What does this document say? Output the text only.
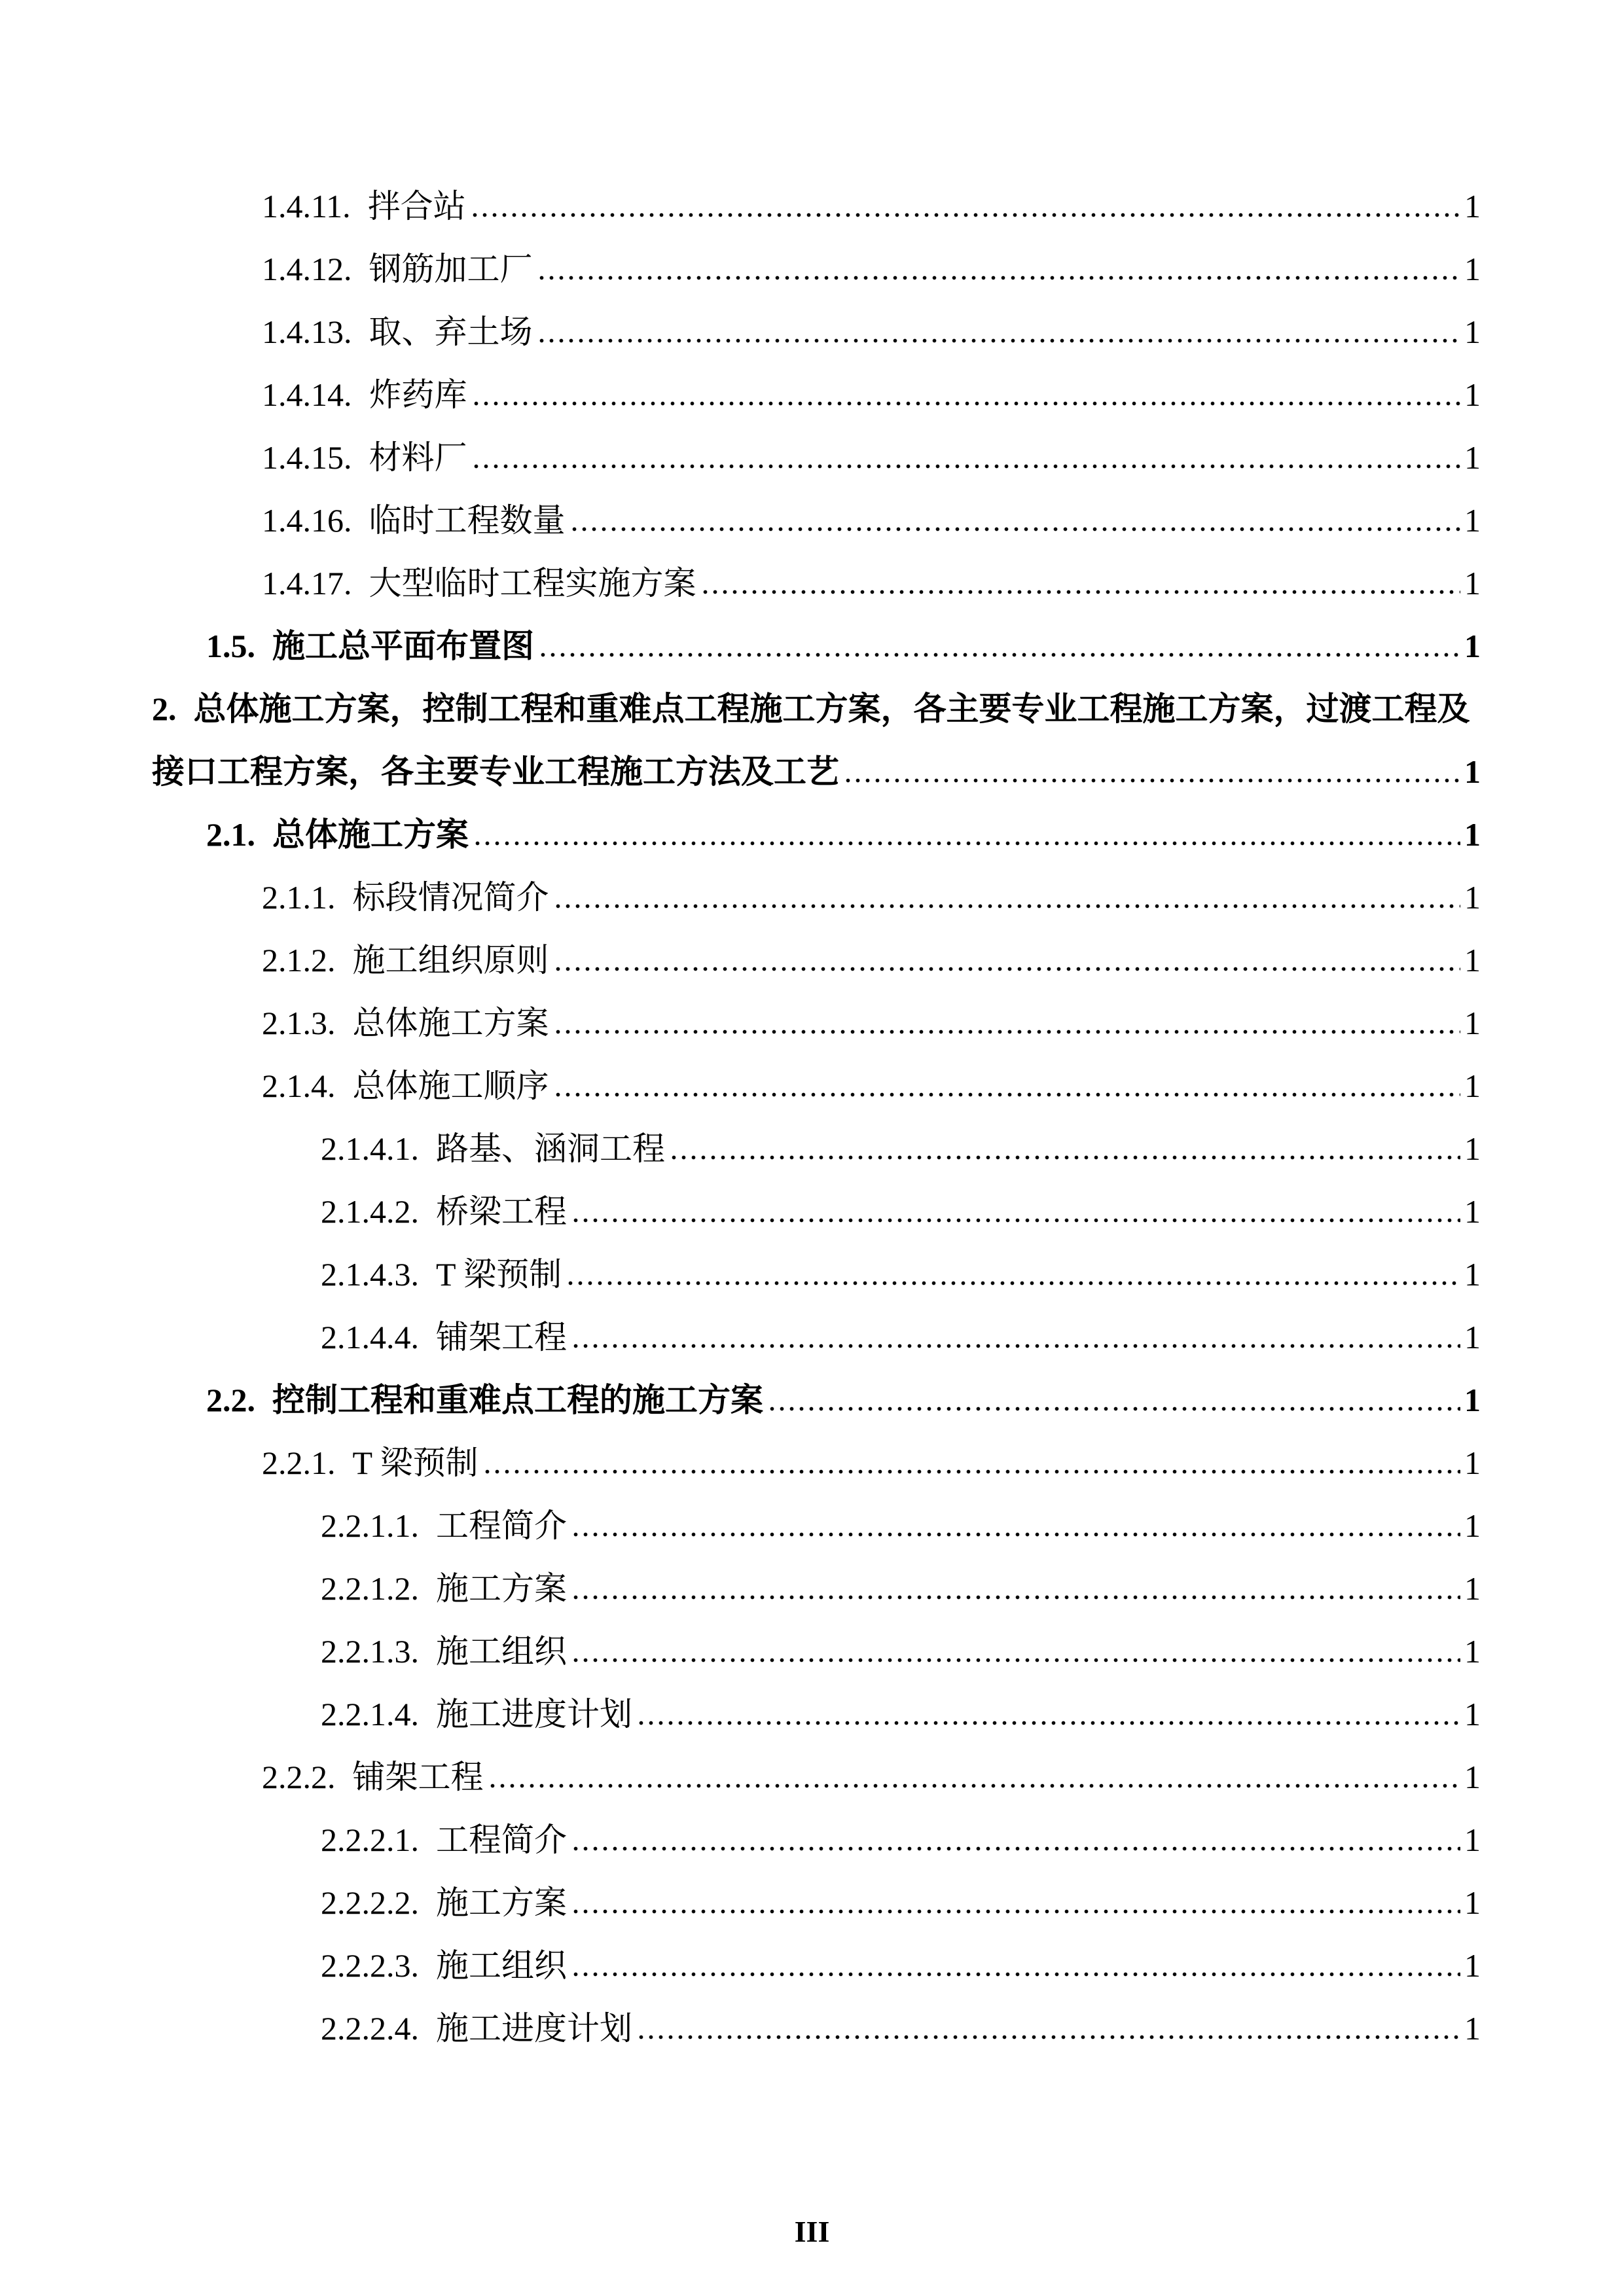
1.4.11. 拌合站	1
1.4.12. 钢筋加工厂	1
1.4.13. 取、弃土场	1
1.4.14. 炸药库	1
1.4.15. 材料厂	1
1.4.16. 临时工程数量	1
1.4.17. 大型临时工程实施方案	1
1.5. 施工总平面布置图	1
2. 总体施工方案，控制工程和重难点工程施工方案，各主要专业工程施工方案，过渡工程及
接口工程方案，各主要专业工程施工方法及工艺	1
2.1. 总体施工方案	1
2.1.1. 标段情况简介	1
2.1.2. 施工组织原则	1
2.1.3. 总体施工方案	1
2.1.4. 总体施工顺序	1
2.1.4.1. 路基、涵洞工程	1
2.1.4.2. 桥梁工程	1
2.1.4.3. T 梁预制	1
2.1.4.4. 铺架工程	1
2.2. 控制工程和重难点工程的施工方案	1
2.2.1. T 梁预制	1
2.2.1.1. 工程简介	1
2.2.1.2. 施工方案	1
2.2.1.3. 施工组织	1
2.2.1.4. 施工进度计划	1
2.2.2. 铺架工程	1
2.2.2.1. 工程简介	1
2.2.2.2. 施工方案	1
2.2.2.3. 施工组织	1
2.2.2.4. 施工进度计划	1
III
